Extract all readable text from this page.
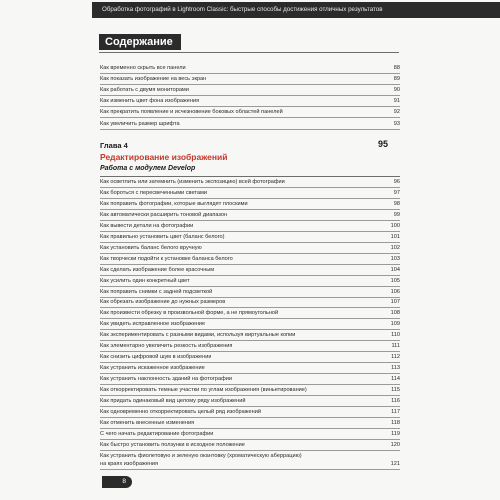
Обработка фотографий в Lightroom Classic: быстрые способы достижения отличных результатов
Содержание
Как временно скрыть все панели	88
Как показать изображение на весь экран	89
Как работать с двумя мониторами	90
Как изменить цвет фона изображения	91
Как прекратить появление и исчезновение боковых областей панелей	92
Как увеличить размер шрифта	93
Глава 4	95
Редактирование изображений
Работа с модулем Develop
Как осветлить или затемнить (изменить экспозицию) всей фотографии	96
Как бороться с пересвеченными светами	97
Как поправить фотографии, которые выглядят плоскими	98
Как автоматически расширить тоновой диапазон	99
Как вывести детали на фотографии	100
Как правильно установить цвет (баланс белого)	101
Как установить баланс белого вручную	102
Как творчески подойти к установке баланса белого	103
Как сделать изображение более красочным	104
Как усилить один конкретный цвет	105
Как поправить снимки с задней подсветкой	106
Как обрезать изображение до нужных размеров	107
Как произвести обрезку в произвольной форме, а не прямоугольной	108
Как увидеть исправленное изображение	109
Как экспериментировать с разными видами, используя виртуальные копии	110
Как элементарно увеличить резкость изображения	111
Как снизить цифровой шум в изображении	112
Как устранить искаженное изображение	113
Как устранить наклонность зданий на фотографии	114
Как откорректировать темные участки по углам изображения (виньетирование)	115
Как придать одинаковый вид целому ряду изображений	116
Как одновременно откорректировать целый ряд изображений	117
Как отменить внесенные изменения	118
С чего начать редактирование фотографии	119
Как быстро установить ползунки в исходное положение	120
Как устранить фиолетовую и зеленую окантовку (хроматическую аберрацию)
на краях изображения	121
8
